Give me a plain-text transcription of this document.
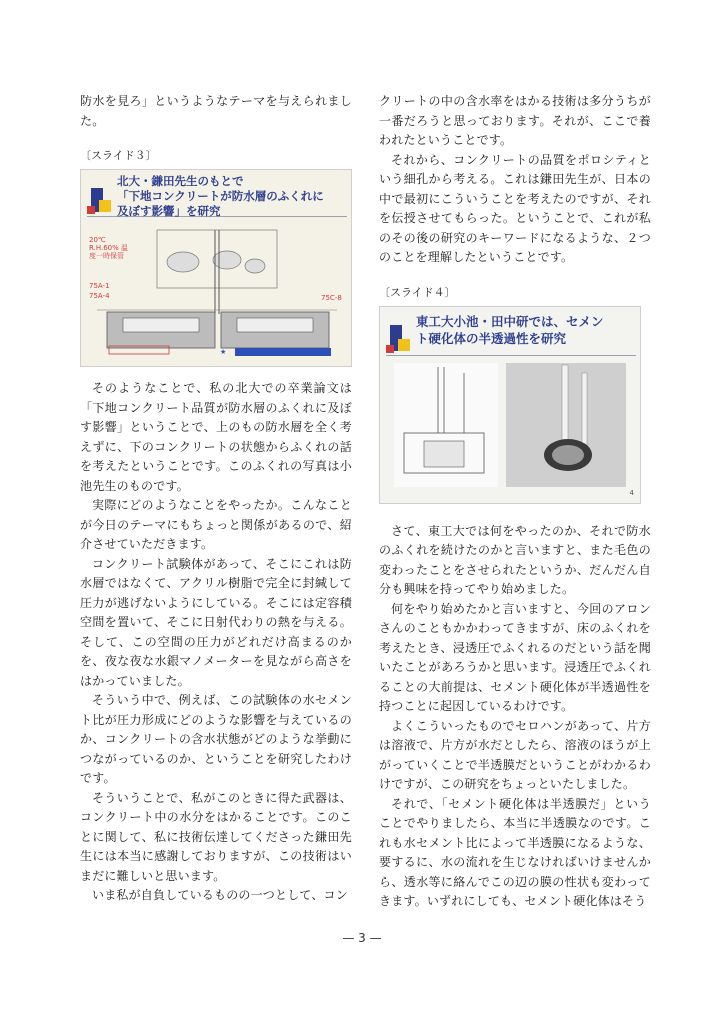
防水を見ろ」というようなテーマを与えられました。

〔スライド３〕
北大・鎌田先生のもとで
「下地コンクリートが防水層のふくれに
及ぼす影響」を研究
★
20℃ R.H.60% 温度一時保管
75A-1
75A-4	75C-8

そのようなことで、私の北大での卒業論文は「下地コンクリート品質が防水層のふくれに及ぼす影響」ということで、上のもの防水層を全く考えずに、下のコンクリートの状態からふくれの話を考えたということです。このふくれの写真は小池先生のものです。

実際にどのようなことをやったか。こんなことが今日のテーマにもちょっと関係があるので、紹介させていただきます。

コンクリート試験体があって、そこにこれは防水層ではなくて、アクリル樹脂で完全に封緘して圧力が逃げないようにしている。そこには定容積空間を置いて、そこに日射代わりの熱を与える。そして、この空間の圧力がどれだけ高まるのかを、夜な夜な水銀マノメーターを見ながら高さをはかっていました。

そういう中で、例えば、この試験体の水セメント比が圧力形成にどのような影響を与えているのか、コンクリートの含水状態がどのような挙動につながっているのか、ということを研究したわけです。

そういうことで、私がこのときに得た武器は、コンクリート中の水分をはかることです。このことに関して、私に技術伝達してくださった鎌田先生には本当に感謝しておりますが、この技術はいまだに難しいと思います。

いま私が自負しているものの一つとして、コン

クリートの中の含水率をはかる技術は多分うちが一番だろうと思っております。それが、ここで養われたということです。

それから、コンクリートの品質をポロシティという細孔から考える。これは鎌田先生が、日本の中で最初にこういうことを考えたのですが、それを伝授させてもらった。ということで、これが私のその後の研究のキーワードになるような、２つのことを理解したということです。

〔スライド４〕
東工大小池・田中研では、セメン
ト硬化体の半透過性を研究
4

さて、東工大では何をやったのか、それで防水のふくれを続けたのかと言いますと、また毛色の変わったことをさせられたというか、だんだん自分も興味を持ってやり始めました。

何をやり始めたかと言いますと、今回のアロンさんのこともかかわってきますが、床のふくれを考えたとき、浸透圧でふくれるのだという話を聞いたことがあろうかと思います。浸透圧でふくれることの大前提は、セメント硬化体が半透過性を持つことに起因しているわけです。

よくこういったものでセロハンがあって、片方は溶液で、片方が水だとしたら、溶液のほうが上がっていくことで半透膜だということがわかるわけですが、この研究をちょっといたしました。

それで、「セメント硬化体は半透膜だ」ということでやりましたら、本当に半透膜なのです。これも水セメント比によって半透膜になるような、要するに、水の流れを生じなければいけませんから、透水等に絡んでこの辺の膜の性状も変わってきます。いずれにしても、セメント硬化体はそう

— 3 —
